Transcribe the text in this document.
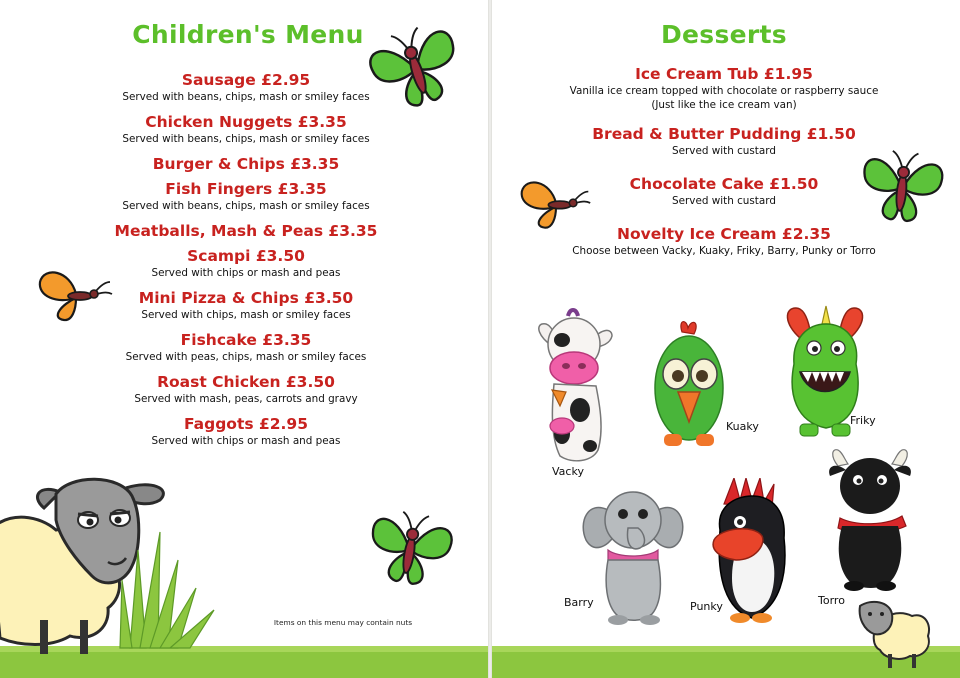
Children's Menu
Sausage £2.95
Served with beans, chips, mash or smiley faces
Chicken Nuggets £3.35
Served with beans, chips, mash or smiley faces
Burger & Chips £3.35
Fish Fingers £3.35
Served with beans, chips, mash or smiley faces
Meatballs, Mash & Peas £3.35
Scampi £3.50
Served with chips or mash and peas
Mini Pizza & Chips £3.50
Served with chips, mash or smiley faces
Fishcake £3.35
Served with peas, chips, mash or smiley faces
Roast Chicken £3.50
Served with mash, peas, carrots and gravy
Faggots £2.95
Served with chips or mash and peas
Items on this menu may contain nuts
Desserts
Ice Cream Tub £1.95
Vanilla ice cream topped with chocolate or raspberry sauce
(Just like the ice cream van)
Bread & Butter Pudding £1.50
Served with custard
Chocolate Cake £1.50
Served with custard
Novelty Ice Cream £2.35
Choose between Vacky, Kuaky, Friky, Barry, Punky or Torro
Vacky
Kuaky	Friky
Barry	Punky	Torro
